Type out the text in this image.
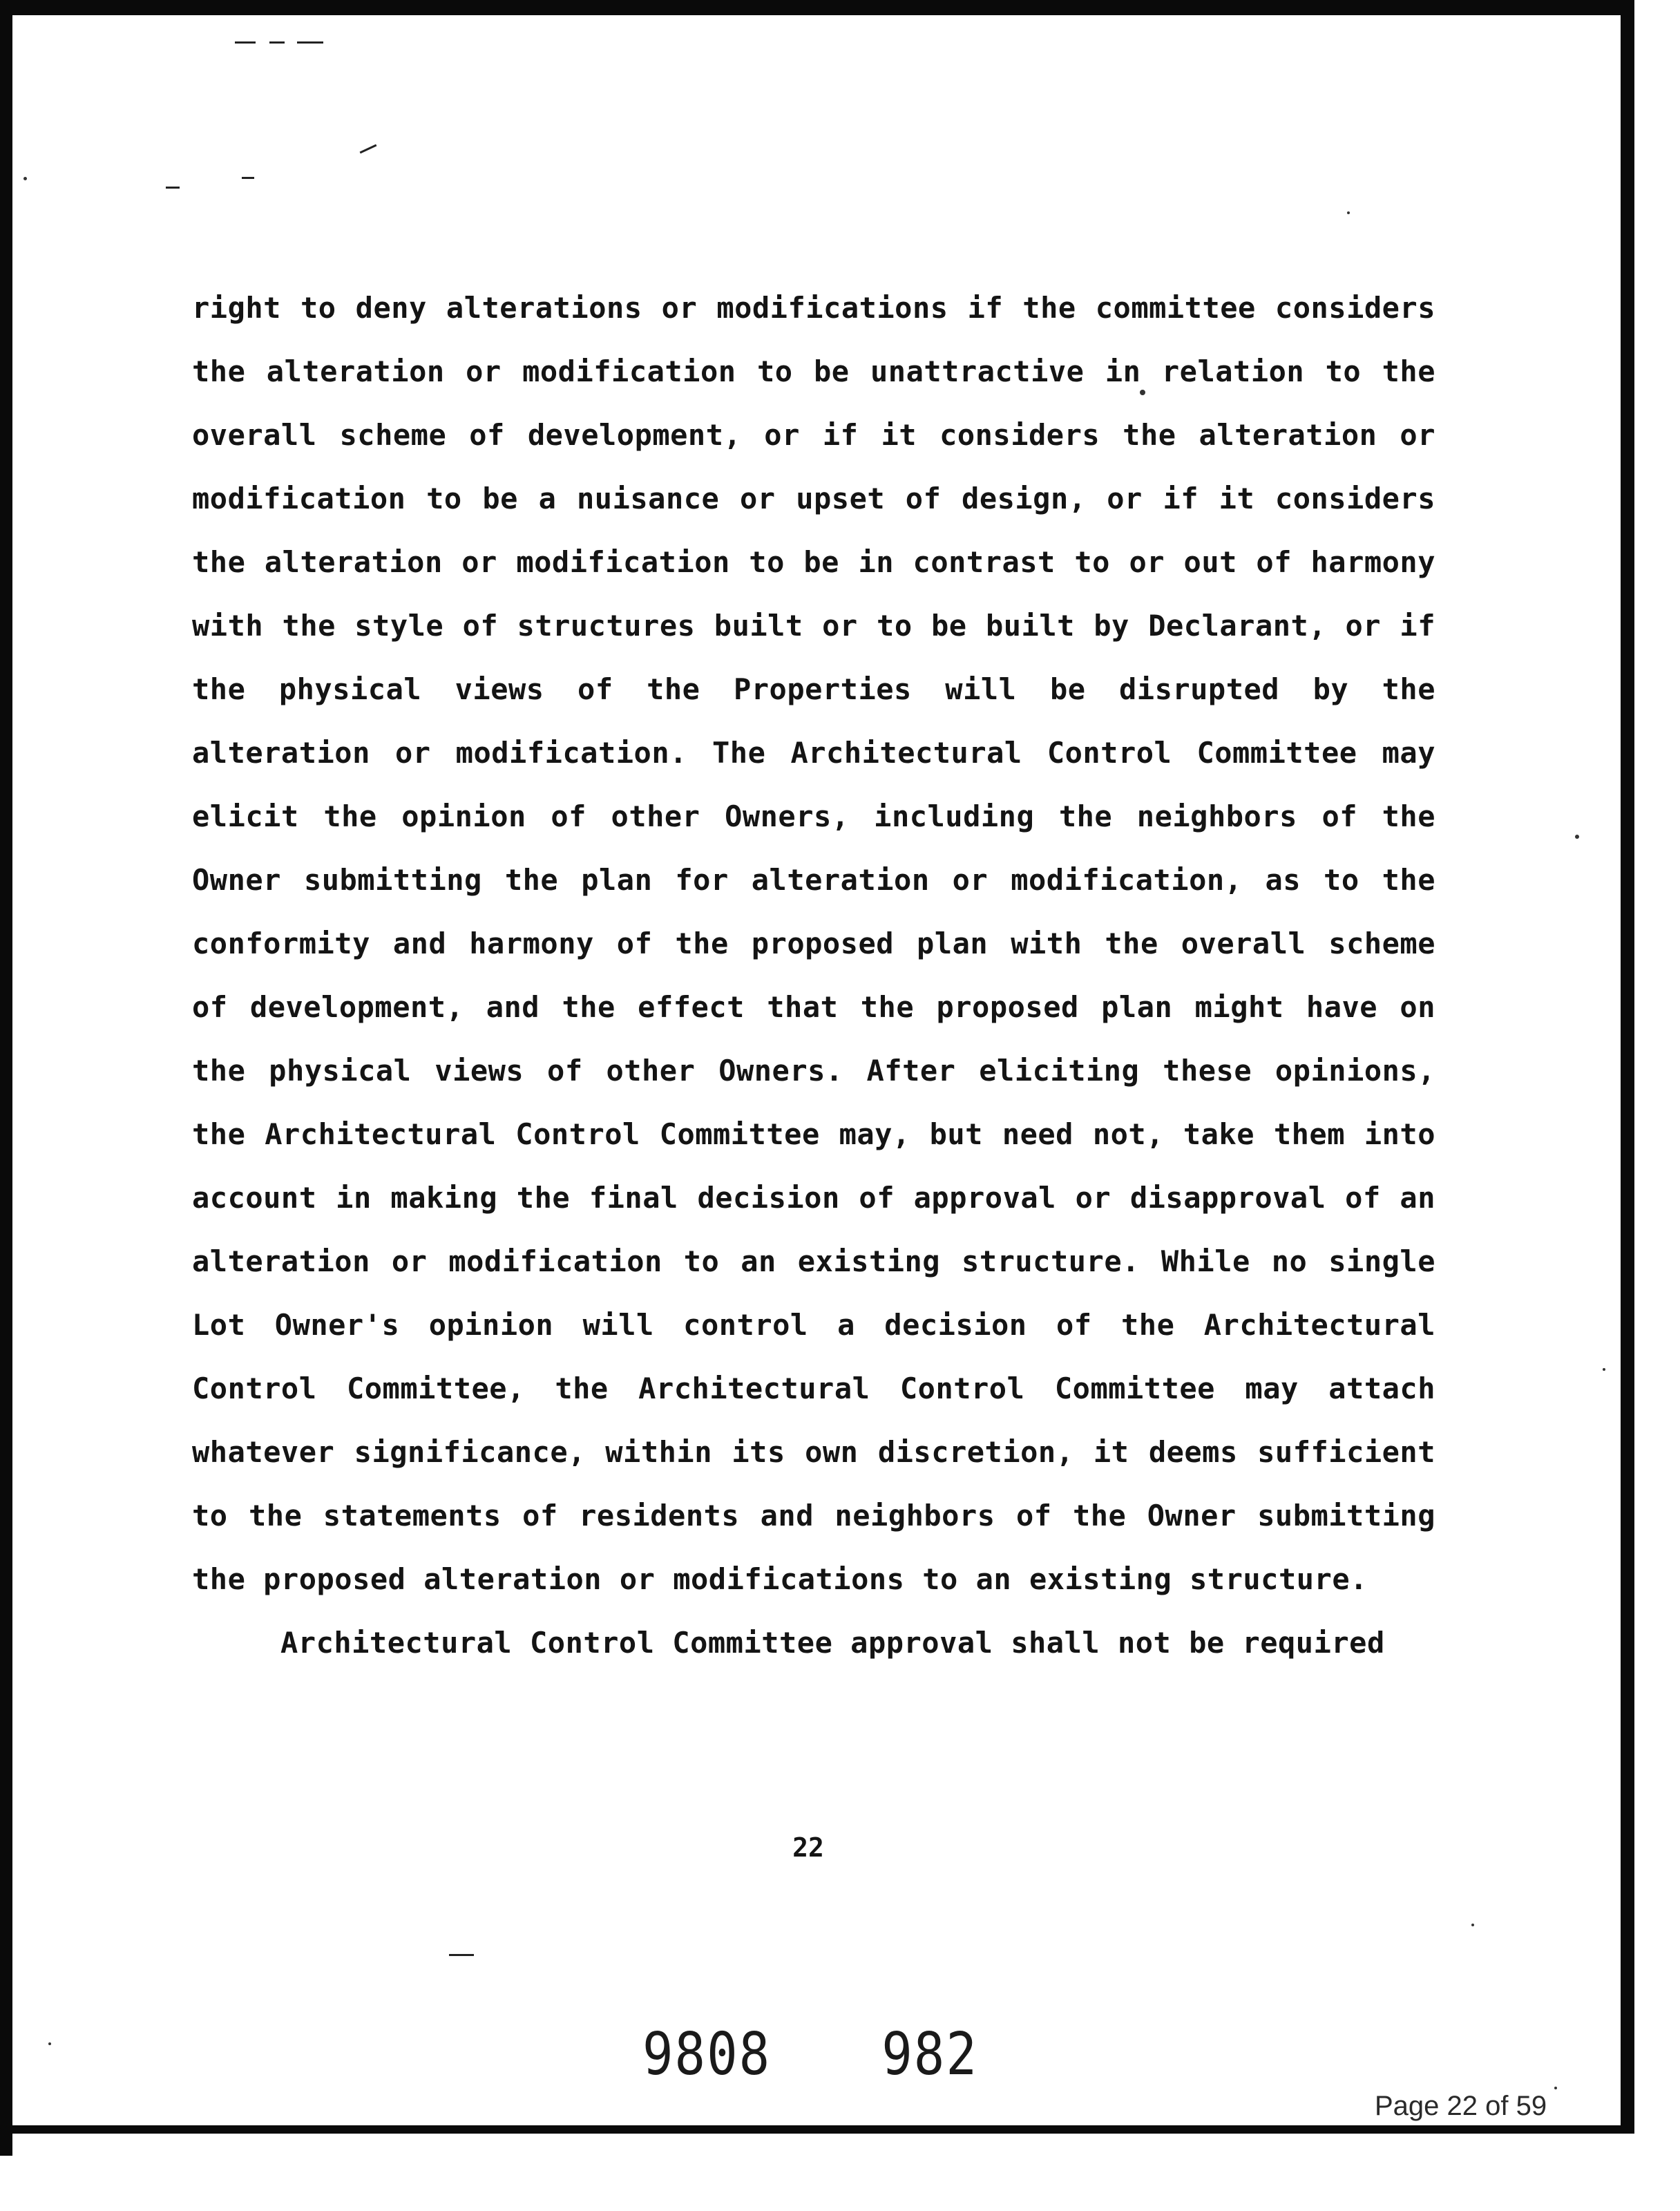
right to deny alterations or modifications if the committee considers the alteration or modification to be unattractive in relation to the overall scheme of development, or if it considers the alteration or modification to be a nuisance or upset of design, or if it considers the alteration or modification to be in contrast to or out of harmony with the style of structures built or to be built by Declarant, or if the physical views of the Properties will be disrupted by the alteration or modification. The Architectural Control Committee may elicit the opinion of other Owners, including the neighbors of the Owner submitting the plan for alteration or modification, as to the conformity and harmony of the proposed plan with the overall scheme of development, and the effect that the proposed plan might have on the physical views of other Owners. After eliciting these opinions, the Architectural Control Committee may, but need not, take them into account in making the final decision of approval or disapproval of an alteration or modification to an existing structure. While no single Lot Owner's opinion will control a decision of the Architectural Control Committee, the Architectural Control Committee may attach whatever significance, within its own discretion, it deems sufficient to the statements of residents and neighbors of the Owner submitting the proposed alteration or modifications to an existing structure.

Architectural Control Committee approval shall not be required

22
9808 982
Page 22 of 59
